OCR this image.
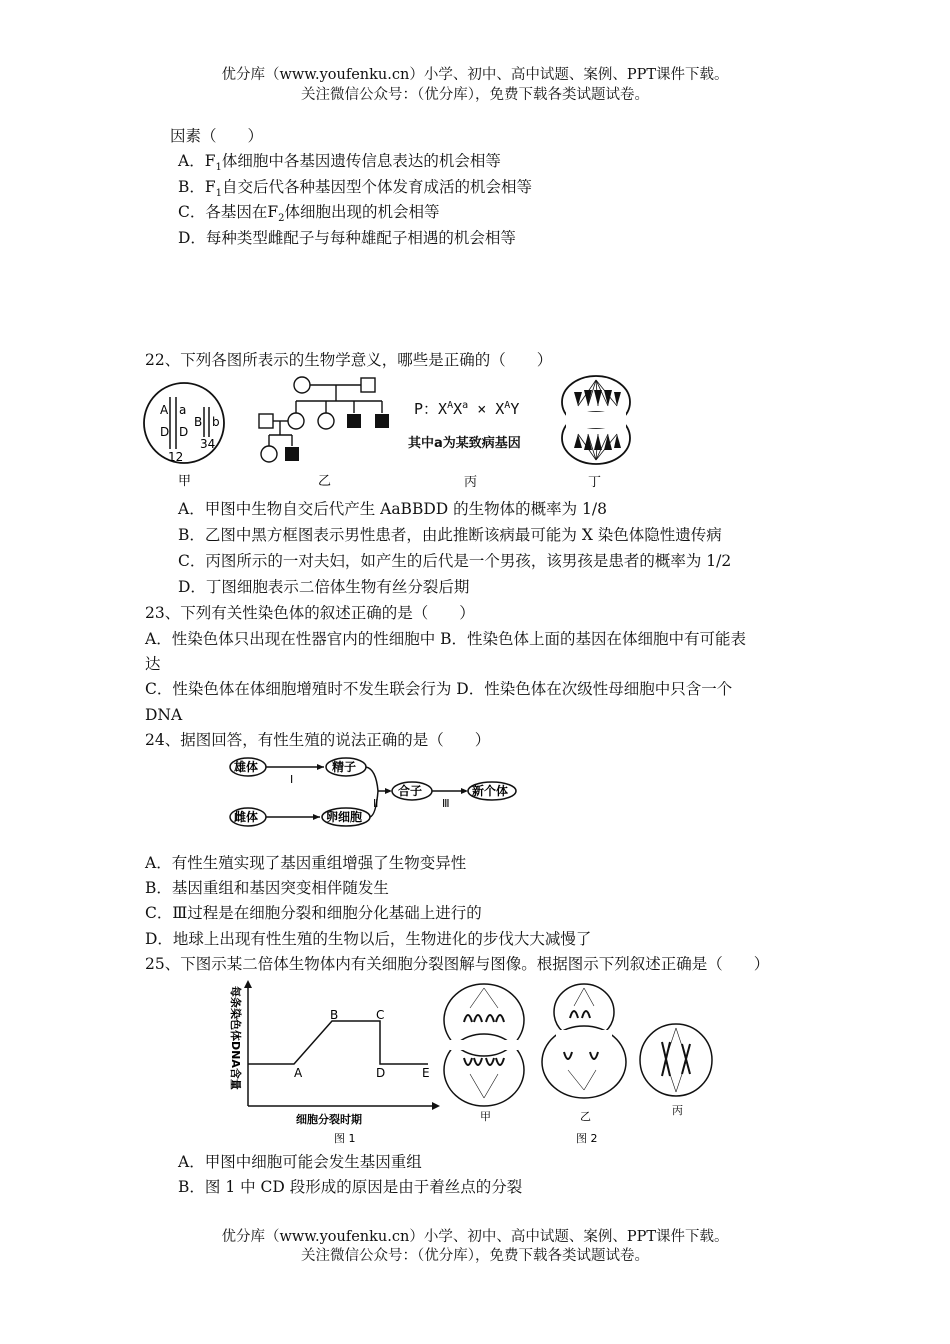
优分库（www.youfenku.cn）小学、初中、高中试题、案例、PPT课件下载。
关注微信公众号：（优分库），免费下载各类试题试卷。
因素（　　）
A．$F_1$体细胞中各基因遗传信息表达的机会相等
B．$F_1$自交后代各种基因型个体发育成活的机会相等
C．各基因在$F_2$体细胞出现的机会相等
D．每种类型雌配子与每种雄配子相遇的机会相等
22、下列各图所表示的生物学意义，哪些是正确的（　　）
A
D
a
D
B b
12
34
甲	乙
P：$X^AX^a \times X^AY$
其中a为某致病基因
丙	丁
A．甲图中生物自交后代产生 AaBBDD 的生物体的概率为 1/8
B．乙图中黑方框图表示男性患者，由此推断该病最可能为 X 染色体隐性遗传病
C．丙图所示的一对夫妇，如产生的后代是一个男孩，该男孩是患者的概率为 1/2
D．丁图细胞表示二倍体生物有丝分裂后期
23、下列有关性染色体的叙述正确的是（　　）
A．性染色体只出现在性器官内的性细胞中 B．性染色体上面的基因在体细胞中有可能表
达
C．性染色体在体细胞增殖时不发生联会行为 D．性染色体在次级性母细胞中只含一个
DNA
24、据图回答，有性生殖的说法正确的是（　　）
雄体	精子
雌体	卵细胞
合子	新个体
Ⅰ
Ⅱ	Ⅲ
A．有性生殖实现了基因重组增强了生物变异性
B．基因重组和基因突变相伴随发生
C．Ⅲ过程是在细胞分裂和细胞分化基础上进行的
D．地球上出现有性生殖的生物以后，生物进化的步伐大大减慢了
25、下图示某二倍体生物体内有关细胞分裂图解与图像。根据图示下列叙述正确是（　　）
每条染色体DNA含量	A
B	C
D	E
细胞分裂时期
图 1
甲	乙	丙
图 2
A．甲图中细胞可能会发生基因重组
B．图 1 中 CD 段形成的原因是由于着丝点的分裂
优分库（www.youfenku.cn）小学、初中、高中试题、案例、PPT课件下载。
关注微信公众号：（优分库），免费下载各类试题试卷。
